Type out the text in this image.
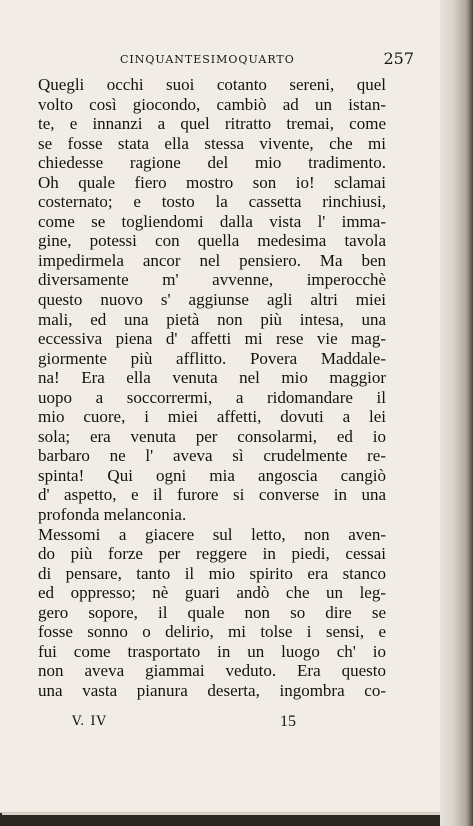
CINQUANTESIMOQUARTO	257
Quegli occhi suoi cotanto sereni, quel
volto così giocondo, cambiò ad un istan-
te, e innanzi a quel ritratto tremai, come
se fosse stata ella stessa vivente, che mi
chiedesse ragione del mio tradimento.
Oh quale fiero mostro son io! sclamai
costernato; e tosto la cassetta rinchiusi,
come se togliendomi dalla vista l' imma-
gine, potessi con quella medesima tavola
impedirmela ancor nel pensiero. Ma ben
diversamente m' avvenne, imperocchè
questo nuovo s' aggiunse agli altri miei
mali, ed una pietà non più intesa, una
eccessiva piena d' affetti mi rese vie mag-
giormente più afflitto. Povera Maddale-
na! Era ella venuta nel mio maggior
uopo a soccorrermi, a ridomandare il
mio cuore, i miei affetti, dovuti a lei
sola; era venuta per consolarmi, ed io
barbaro ne l' aveva sì crudelmente re-
spinta! Qui ogni mia angoscia cangiò
d' aspetto, e il furore si converse in una
profonda melanconia.
Messomi a giacere sul letto, non aven-
do più forze per reggere in piedi, cessai
di pensare, tanto il mio spirito era stanco
ed oppresso; nè guari andò che un leg-
gero sopore, il quale non so dire se
fosse sonno o delirio, mi tolse i sensi, e
fui come trasportato in un luogo ch' io
non aveva giammai veduto. Era questo
una vasta pianura deserta, ingombra co-
V. IV	15
